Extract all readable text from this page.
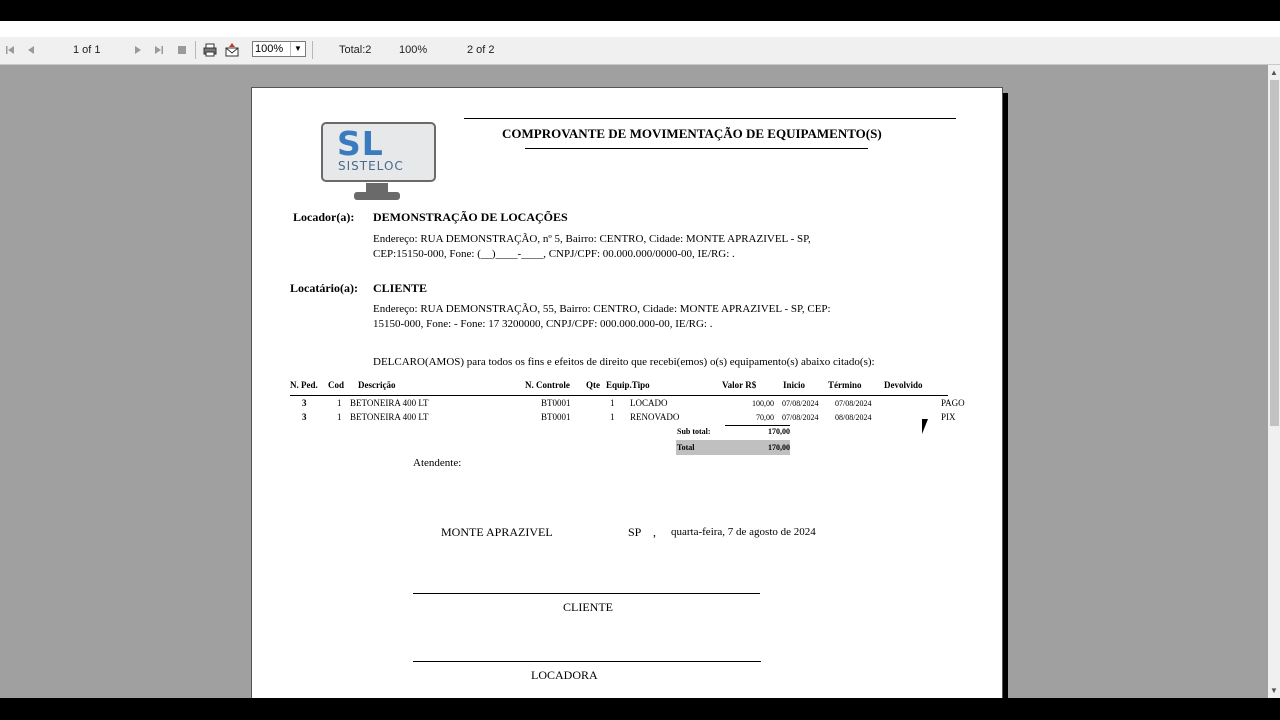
1 of 1	Total:2	100%	2 of 2
100%	▼
SL
SISTELOC
COMPROVANTE DE MOVIMENTAÇÃO DE EQUIPAMENTO(S)
Locador(a): DEMONSTRAÇÃO DE LOCAÇÕES
Endereço: RUA DEMONSTRAÇÃO, nº 5, Bairro: CENTRO, Cidade: MONTE APRAZIVEL - SP,
CEP:15150-000, Fone: (__)____-____, CNPJ/CPF: 00.000.000/0000-00, IE/RG: .
Locatário(a): CLIENTE
Endereço: RUA DEMONSTRAÇÃO, 55, Bairro: CENTRO, Cidade: MONTE APRAZIVEL - SP, CEP:
15150-000, Fone: - Fone: 17 3200000, CNPJ/CPF: 000.000.000-00, IE/RG: .
DELCARO(AMOS) para todos os fins e efeitos de direito que recebi(emos) o(s) equipamento(s) abaixo citado(s):
N. Ped. Cod Descrição	N. Controle Qte Equip.Tipo	Valor R$	Inicio	Término	Devolvido
3	1 BETONEIRA 400 LT	BT0001	1 LOCADO	100,00 07/08/2024 07/08/2024	PAGO
3	1 BETONEIRA 400 LT	BT0001	1 RENOVADO	70,00 07/08/2024 08/08/2024	PIX
Sub total:	170,00
Total	170,00
Atendente:
MONTE APRAZIVEL	SP , quarta-feira, 7 de agosto de 2024
CLIENTE
LOCADORA
▲
▼
